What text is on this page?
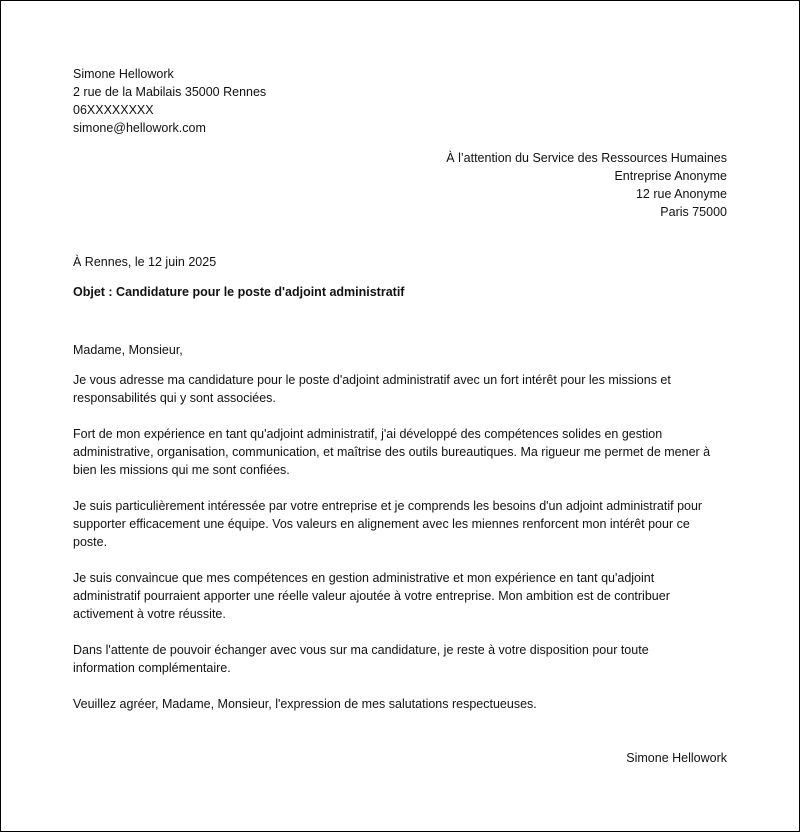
Simone Hellowork
2 rue de la Mabilais 35000 Rennes
06XXXXXXXX
simone@hellowork.com
À l’attention du Service des Ressources Humaines
Entreprise Anonyme
12 rue Anonyme
Paris 75000
À Rennes, le 12 juin 2025
Objet : Candidature pour le poste d'adjoint administratif
Madame, Monsieur,
Je vous adresse ma candidature pour le poste d'adjoint administratif avec un fort intérêt pour les missions et
responsabilités qui y sont associées.
Fort de mon expérience en tant qu'adjoint administratif, j'ai développé des compétences solides en gestion
administrative, organisation, communication, et maîtrise des outils bureautiques. Ma rigueur me permet de mener à
bien les missions qui me sont confiées.
Je suis particulièrement intéressée par votre entreprise et je comprends les besoins d'un adjoint administratif pour
supporter efficacement une équipe. Vos valeurs en alignement avec les miennes renforcent mon intérêt pour ce
poste.
Je suis convaincue que mes compétences en gestion administrative et mon expérience en tant qu'adjoint
administratif pourraient apporter une réelle valeur ajoutée à votre entreprise. Mon ambition est de contribuer
activement à votre réussite.
Dans l'attente de pouvoir échanger avec vous sur ma candidature, je reste à votre disposition pour toute
information complémentaire.
Veuillez agréer, Madame, Monsieur, l'expression de mes salutations respectueuses.
Simone Hellowork
